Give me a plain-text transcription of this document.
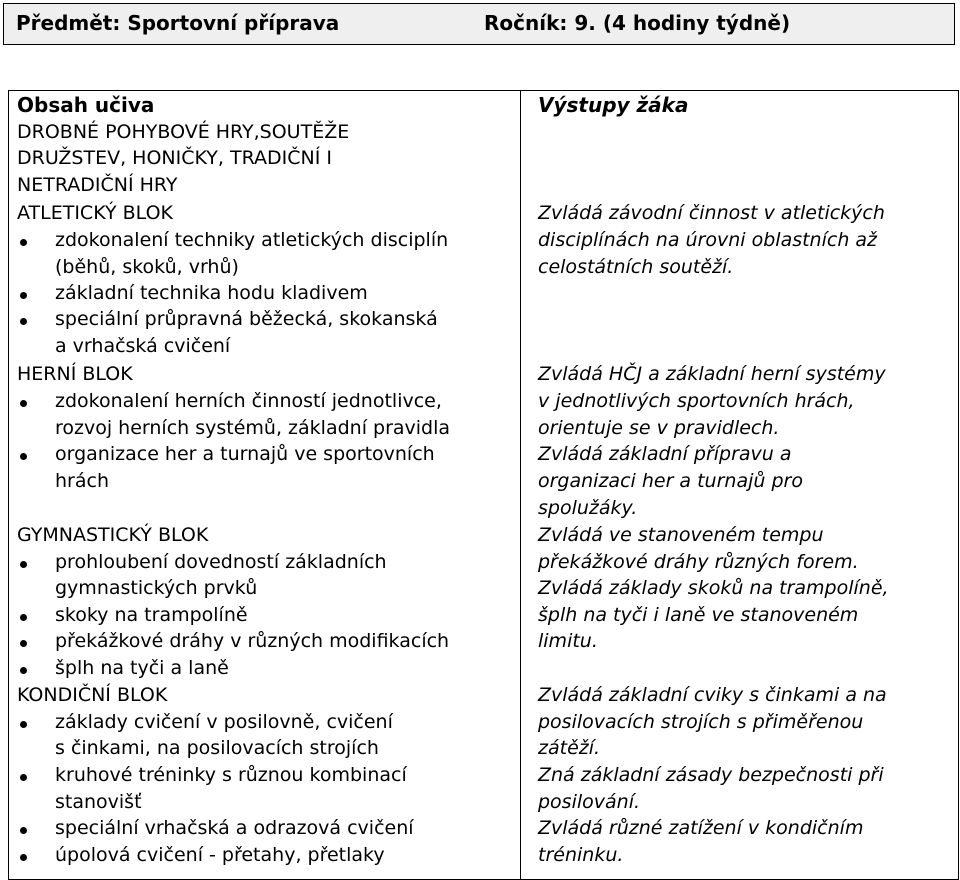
Předmět: Sportovní příprava	Ročník: 9. (4 hodiny týdně)
Obsah učiva	Výstupy žáka
DROBNÉ POHYBOVÉ HRY,SOUTĚŽE
DRUŽSTEV, HONIČKY, TRADIČNÍ I
NETRADIČNÍ HRY
ATLETICKÝ BLOK
zdokonalení techniky atletických disciplín
(běhů, skoků, vrhů)
základní technika hodu kladivem
speciální průpravná běžecká, skokanská
a vrhačská cvičení
HERNÍ BLOK
zdokonalení herních činností jednotlivce,
rozvoj herních systémů, základní pravidla
organizace her a turnajů ve sportovních
hrách
GYMNASTICKÝ BLOK
prohloubení dovedností základních
gymnastických prvků
skoky na trampolíně
překážkové dráhy v různých modifikacích
šplh na tyči a laně
KONDIČNÍ BLOK
základy cvičení v posilovně, cvičení
s činkami, na posilovacích strojích
kruhové tréninky s různou kombinací
stanovišť
speciální vrhačská a odrazová cvičení
úpolová cvičení - přetahy, přetlaky
Zvládá závodní činnost v atletických
disciplínách na úrovni oblastních až
celostátních soutěží.
Zvládá HČJ a základní herní systémy
v jednotlivých sportovních hrách,
orientuje se v pravidlech.
Zvládá základní přípravu a
organizaci her a turnajů pro
spolužáky.
Zvládá ve stanoveném tempu
překážkové dráhy různých forem.
Zvládá základy skoků na trampolíně,
šplh na tyči i laně ve stanoveném
limitu.
Zvládá základní cviky s činkami a na
posilovacích strojích s přiměřenou
zátěží.
Zná základní zásady bezpečnosti při
posilování.
Zvládá různé zatížení v kondičním
tréninku.
